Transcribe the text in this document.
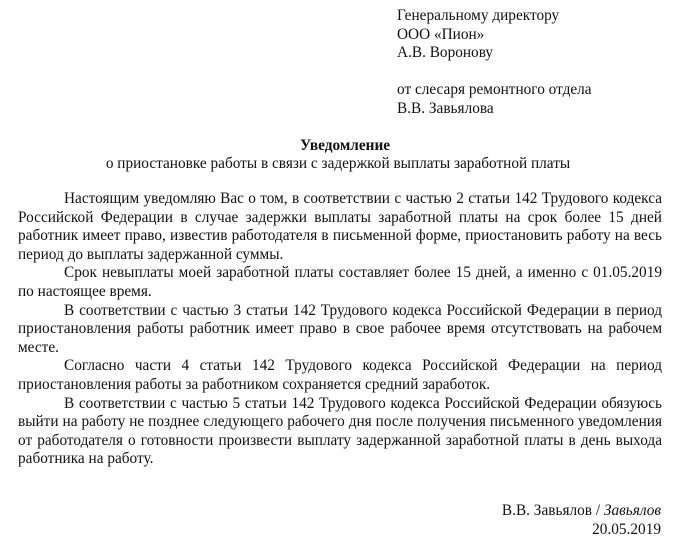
Генеральному директору
ООО «Пион»
А.В. Воронову
от слесаря ремонтного отдела
В.В. Завьялова
Уведомление
о приостановке работы в связи с задержкой выплаты заработной платы

Настоящим уведомляю Вас о том, в соответствии с частью 2 статьи 142 Трудового кодекса Российской Федерации в случае задержки выплаты заработной платы на срок более 15 дней работник имеет право, известив работодателя в письменной форме, приостановить работу на весь период до выплаты задержанной суммы.

Срок невыплаты моей заработной платы составляет более 15 дней, а именно с 01.05.2019 по настоящее время.

В соответствии с частью 3 статьи 142 Трудового кодекса Российской Федерации в период приостановления работы работник имеет право в свое рабочее время отсутствовать на рабочем месте.

Согласно части 4 статьи 142 Трудового кодекса Российской Федерации на период приостановления работы за работником сохраняется средний заработок.

В соответствии с частью 5 статьи 142 Трудового кодекса Российской Федерации обязуюсь выйти на работу не позднее следующего рабочего дня после получения письменного уведомления от работодателя о готовности произвести выплату задержанной заработной платы в день выхода работника на работу.

В.В. Завьялов / Завьялов
20.05.2019
